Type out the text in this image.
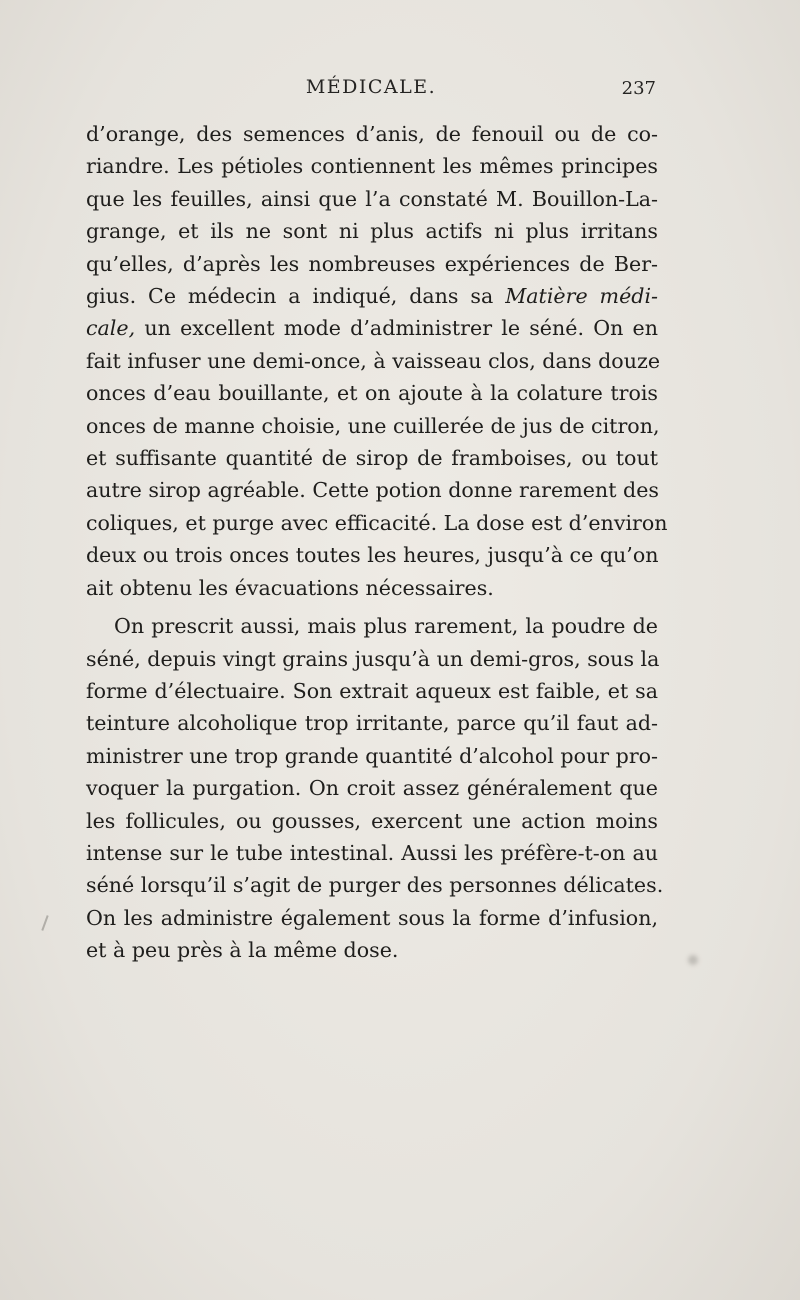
MÉDICALE.	237
d’orange, des semences d’anis, de fenouil ou de co-
riandre. Les pétioles contiennent les mêmes principes
que les feuilles, ainsi que l’a constaté M. Bouillon-La-
grange, et ils ne sont ni plus actifs ni plus irritans
qu’elles, d’après les nombreuses expériences de Ber-
gius. Ce médecin a indiqué, dans sa Matière médi-
cale, un excellent mode d’administrer le séné. On en
fait infuser une demi-once, à vaisseau clos, dans douze
onces d’eau bouillante, et on ajoute à la colature trois
onces de manne choisie, une cuillerée de jus de citron,
et suffisante quantité de sirop de framboises, ou tout
autre sirop agréable. Cette potion donne rarement des
coliques, et purge avec efficacité. La dose est d’environ
deux ou trois onces toutes les heures, jusqu’à ce qu’on
ait obtenu les évacuations nécessaires.
On prescrit aussi, mais plus rarement, la poudre de
séné, depuis vingt grains jusqu’à un demi-gros, sous la
forme d’électuaire. Son extrait aqueux est faible, et sa
teinture alcoholique trop irritante, parce qu’il faut ad-
ministrer une trop grande quantité d’alcohol pour pro-
voquer la purgation. On croit assez généralement que
les follicules, ou gousses, exercent une action moins
intense sur le tube intestinal. Aussi les préfère-t-on au
séné lorsqu’il s’agit de purger des personnes délicates.
On les administre également sous la forme d’infusion,
et à peu près à la même dose.
